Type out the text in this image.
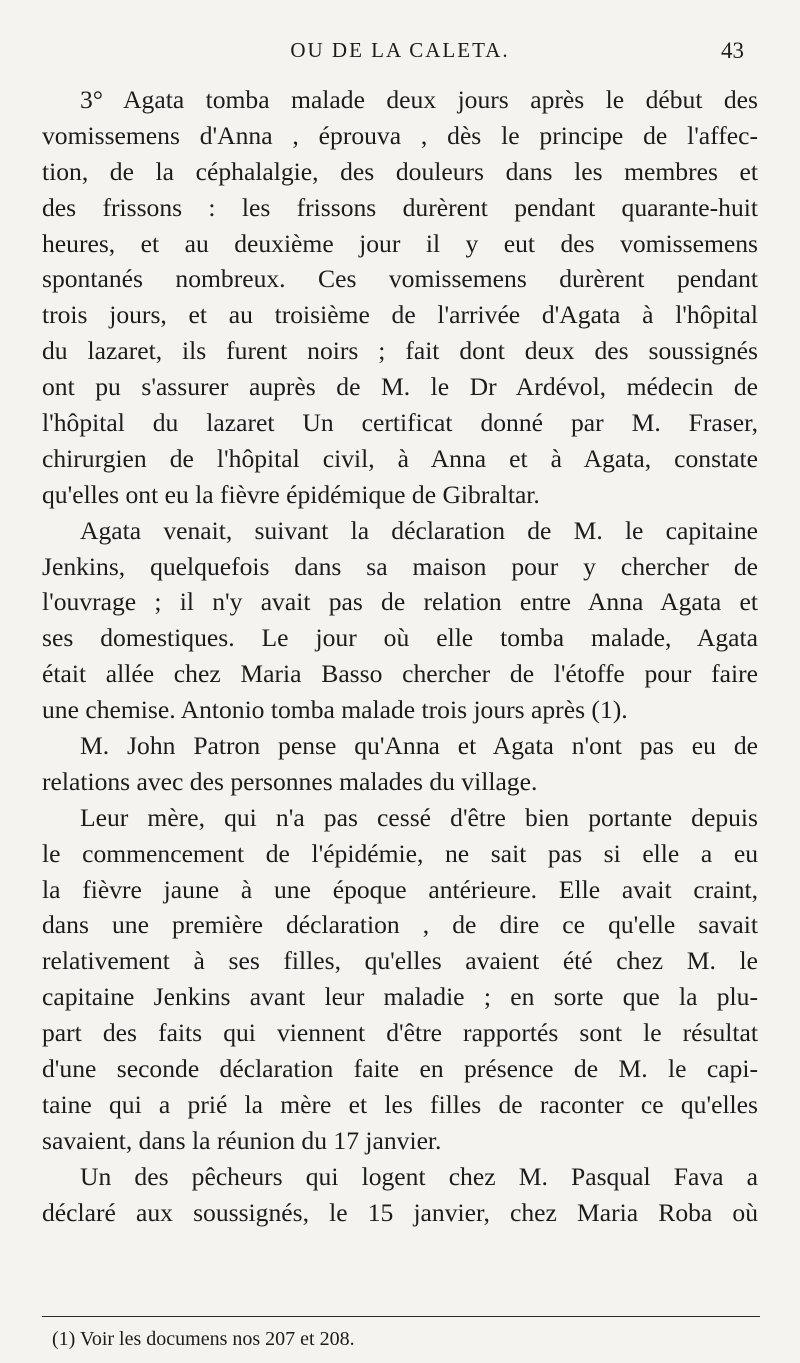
OU DE LA CALETA.	43
3° Agata tomba malade deux jours après le début des
vomissemens d'Anna , éprouva , dès le principe de l'affec-
tion, de la céphalalgie, des douleurs dans les membres et
des frissons : les frissons durèrent pendant quarante-huit
heures, et au deuxième jour il y eut des vomissemens
spontanés nombreux. Ces vomissemens durèrent pendant
trois jours, et au troisième de l'arrivée d'Agata à l'hôpital
du lazaret, ils furent noirs ; fait dont deux des soussignés
ont pu s'assurer auprès de M. le Dr Ardévol, médecin de
l'hôpital du lazaret Un certificat donné par M. Fraser,
chirurgien de l'hôpital civil, à Anna et à Agata, constate
qu'elles ont eu la fièvre épidémique de Gibraltar.
Agata venait, suivant la déclaration de M. le capitaine
Jenkins, quelquefois dans sa maison pour y chercher de
l'ouvrage ; il n'y avait pas de relation entre Anna Agata et
ses domestiques. Le jour où elle tomba malade, Agata
était allée chez Maria Basso chercher de l'étoffe pour faire
une chemise. Antonio tomba malade trois jours après (1).
M. John Patron pense qu'Anna et Agata n'ont pas eu de
relations avec des personnes malades du village.
Leur mère, qui n'a pas cessé d'être bien portante depuis
le commencement de l'épidémie, ne sait pas si elle a eu
la fièvre jaune à une époque antérieure. Elle avait craint,
dans une première déclaration , de dire ce qu'elle savait
relativement à ses filles, qu'elles avaient été chez M. le
capitaine Jenkins avant leur maladie ; en sorte que la plu-
part des faits qui viennent d'être rapportés sont le résultat
d'une seconde déclaration faite en présence de M. le capi-
taine qui a prié la mère et les filles de raconter ce qu'elles
savaient, dans la réunion du 17 janvier.
Un des pêcheurs qui logent chez M. Pasqual Fava a
déclaré aux soussignés, le 15 janvier, chez Maria Roba où
(1) Voir les documens nos 207 et 208.
